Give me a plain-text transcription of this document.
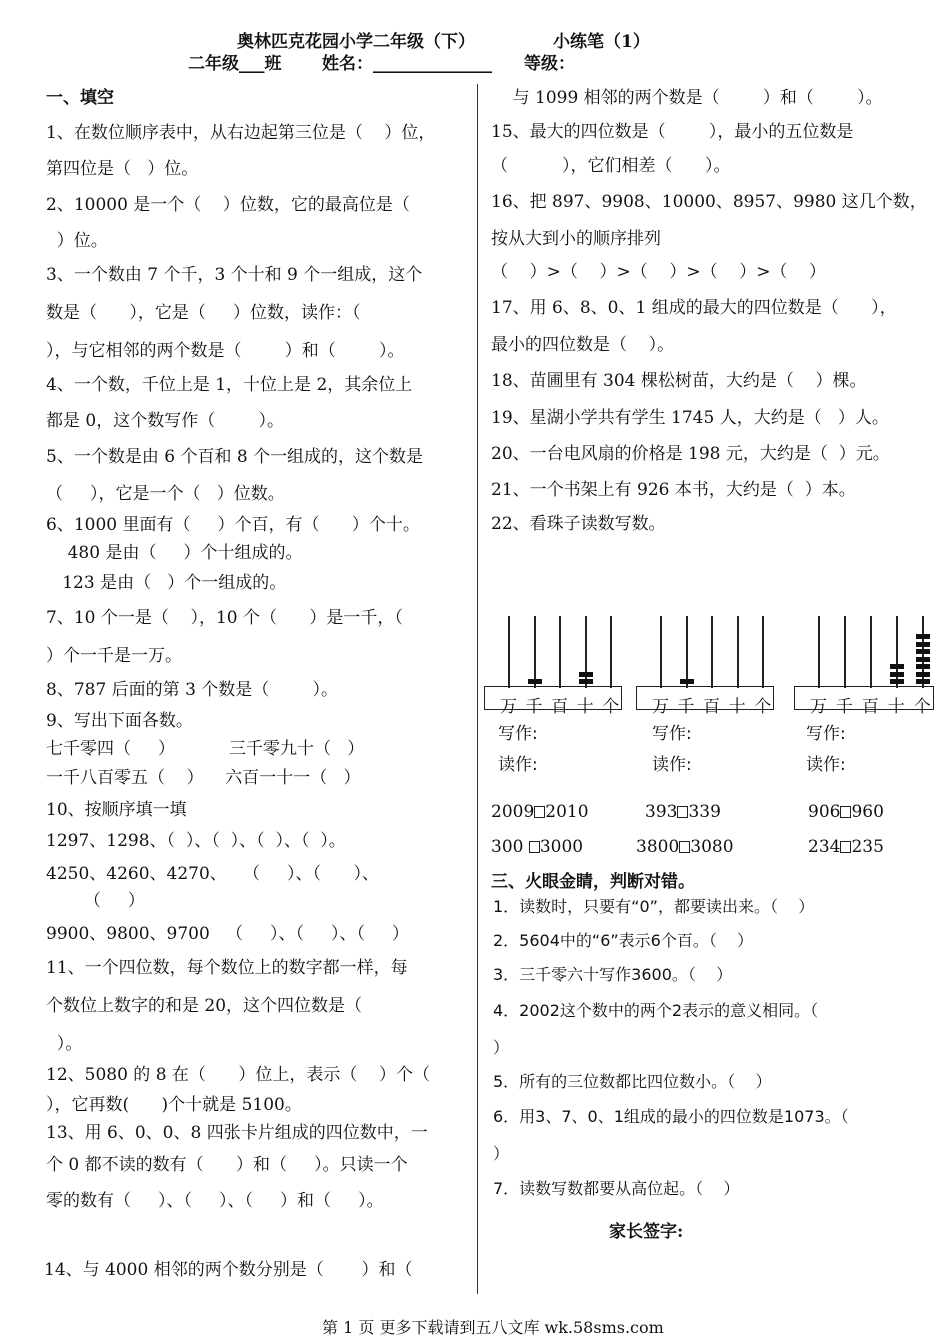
奥林匹克花园小学二年级（下）	小练笔（1）
二年级___班 姓名：______________ 等级：
一、填空
1、在数位顺序表中，从右边起第三位是（    ）位，
第四位是（   ）位。
2、10000 是一个（    ）位数，它的最高位是（
）位。
3、一个数由 7 个千，3 个十和 9 个一组成，这个
数是（      ），它是（     ）位数，读作：（
），与它相邻的两个数是（        ）和（        ）。
4、一个数，千位上是 1，十位上是 2，其余位上
都是 0，这个数写作（        ）。
5、一个数是由 6 个百和 8 个一组成的，这个数是
（     ），它是一个（   ）位数。
6、1000 里面有（     ）个百，有（      ）个十。
480 是由（     ）个十组成的。
123 是由（   ）个一组成的。
7、10 个一是（    ），10 个（      ）是一千，（
）个一千是一万。
8、787 后面的第 3 个数是（        ）。
9、写出下面各数。
七千零四（     ）          三千零九十（   ）
一千八百零五（    ）    六百一十一（   ）
10、按顺序填一填
1297、1298、（  ）、（  ）、（  ）、（  ）。
4250、4260、4270、   （     ）、（      ）、
（     ）
9900、9800、9700   （     ）、（     ）、（     ）
11、一个四位数，每个数位上的数字都一样，每
个数位上数字的和是 20，这个四位数是（
）。
12、5080 的 8 在（      ）位上，表示（    ）个（
），它再数(      )个十就是 5100。
13、用 6、0、0、8 四张卡片组成的四位数中，一
个 0 都不读的数有（      ）和（     ）。只读一个
零的数有（     ）、（     ）、（     ）和（     ）。
14、与 4000 相邻的两个数分别是（       ）和（
与 1099 相邻的两个数是（        ）和（        ）。
15、最大的四位数是（        ），最小的五位数是
（          ），它们相差（      ）。
16、把 897、9908、10000、8957、9980 这几个数，
按从大到小的顺序排列
（    ）>（    ）>（    ）>（    ）>（    ）
17、用 6、8、0、1 组成的最大的四位数是（      ），
最小的四位数是（    ）。
18、苗圃里有 304 棵松树苗，大约是（    ）棵。
19、星湖小学共有学生 1745 人，大约是（   ）人。
20、一台电风扇的价格是 198 元，大约是（  ）元。
21、一个书架上有 926 本书，大约是（  ）本。
22、看珠子读数写数。
万 千 百 十 个 万 千 百 十 个 万 千 百 十 个
写作:
读作:
写作:
读作:
写作:
读作:
2009 2010	393 339	906 960
300 3000	3800 3080	234 235
三、火眼金睛，判断对错。
1．读数时，只要有“0”，都要读出来。（    ）
2．5604中的“6”表示6个百。（    ）
3．三千零六十写作3600。（    ）
4．2002这个数中的两个2表示的意义相同。（
）
5．所有的三位数都比四位数小。（    ）
6．用3、7、0、1组成的最小的四位数是1073。（
）
7．读数写数都要从高位起。（    ）
家长签字:
第 1 页 更多下载请到五八文库 wk.58sms.com
